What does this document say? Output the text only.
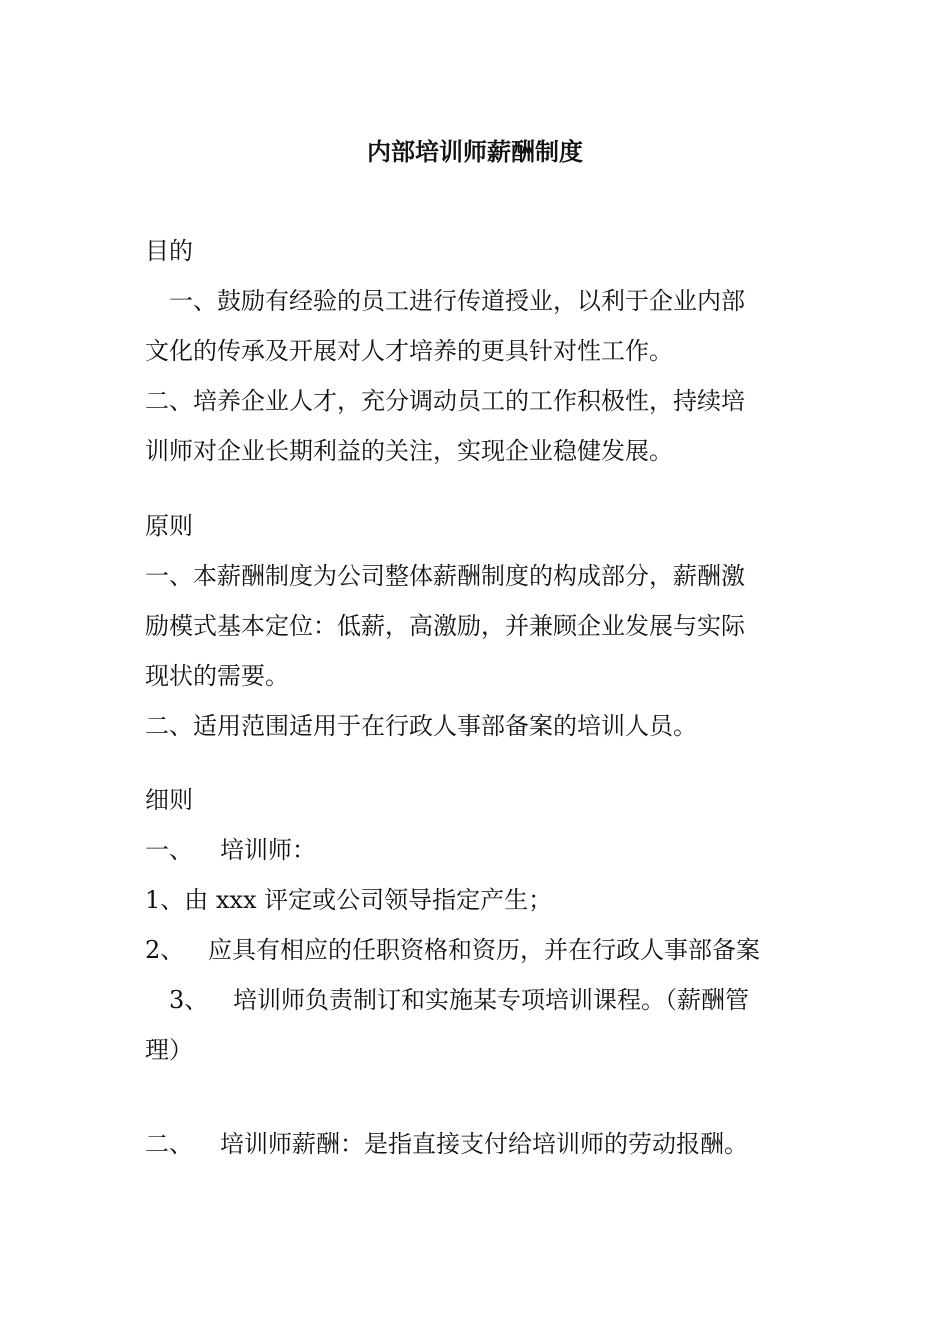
内部培训师薪酬制度
目的
一、鼓励有经验的员工进行传道授业，以利于企业内部
文化的传承及开展对人才培养的更具针对性工作。
二、培养企业人才，充分调动员工的工作积极性，持续培
训师对企业长期利益的关注，实现企业稳健发展。
原则
一、本薪酬制度为公司整体薪酬制度的构成部分，薪酬激
励模式基本定位：低薪，高激励，并兼顾企业发展与实际
现状的需要。
二、适用范围适用于在行政人事部备案的培训人员。
细则
一、 培训师：
1、由 xxx 评定或公司领导指定产生；
2、 应具有相应的任职资格和资历，并在行政人事部备案
3、 培训师负责制订和实施某专项培训课程。（薪酬管
理）
二、 培训师薪酬：是指直接支付给培训师的劳动报酬。
